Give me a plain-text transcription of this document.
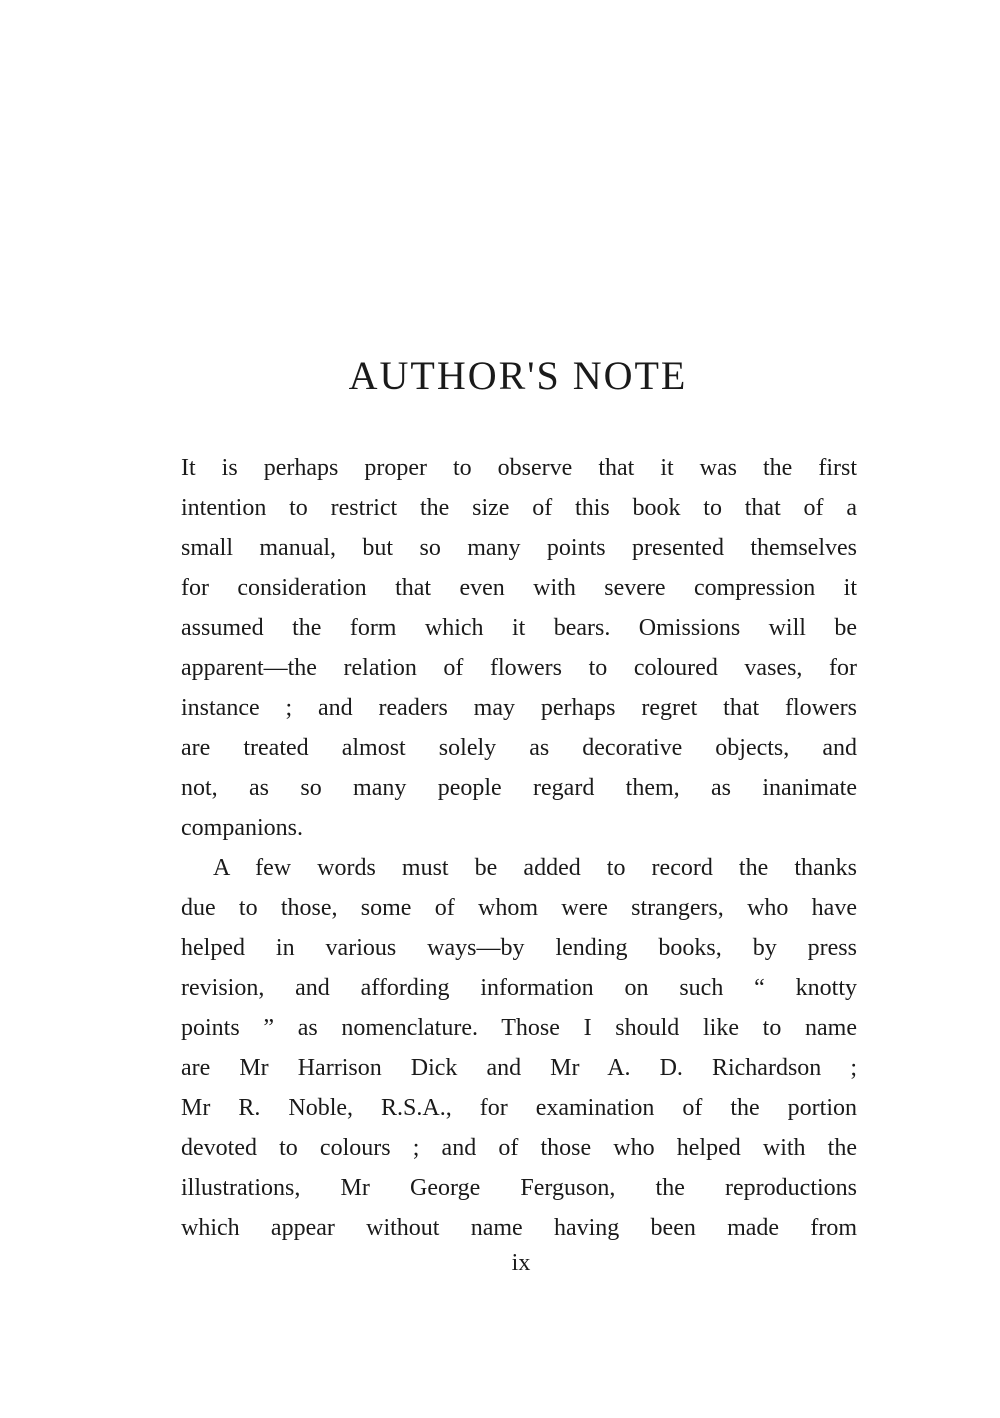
AUTHOR'S NOTE
It is perhaps proper to observe that it was the first
intention to restrict the size of this book to that of a
small manual, but so many points presented themselves
for consideration that even with severe compression it
assumed the form which it bears. Omissions will be
apparent—the relation of flowers to coloured vases, for
instance ; and readers may perhaps regret that flowers
are treated almost solely as decorative objects, and
not, as so many people regard them, as inanimate
companions.
A few words must be added to record the thanks
due to those, some of whom were strangers, who have
helped in various ways—by lending books, by press
revision, and affording information on such “ knotty
points ” as nomenclature. Those I should like to name
are Mr Harrison Dick and Mr A. D. Richardson ;
Mr R. Noble, R.S.A., for examination of the portion
devoted to colours ; and of those who helped with the
illustrations, Mr George Ferguson, the reproductions
which appear without name having been made from
ix
